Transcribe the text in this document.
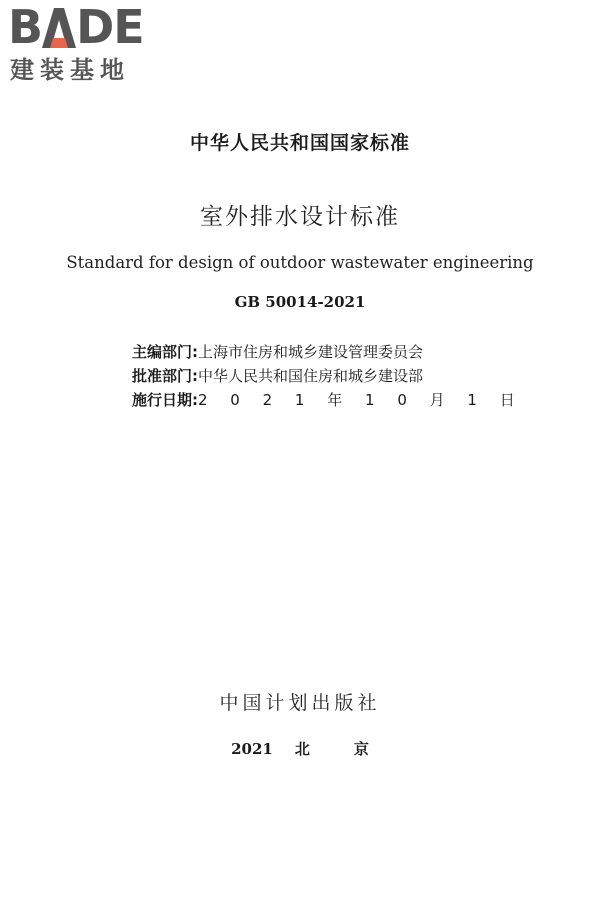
B DE
建装基地
中华人民共和国国家标准
室外排水设计标准
Standard for design of outdoor wastewater engineering
GB 50014-2021
主编部门:上海市住房和城乡建设管理委员会
批准部门:中华人民共和国住房和城乡建设部
施行日期:2 0 2 1 年 1 0 月 1 日
中国计划出版社
2021 北	京
